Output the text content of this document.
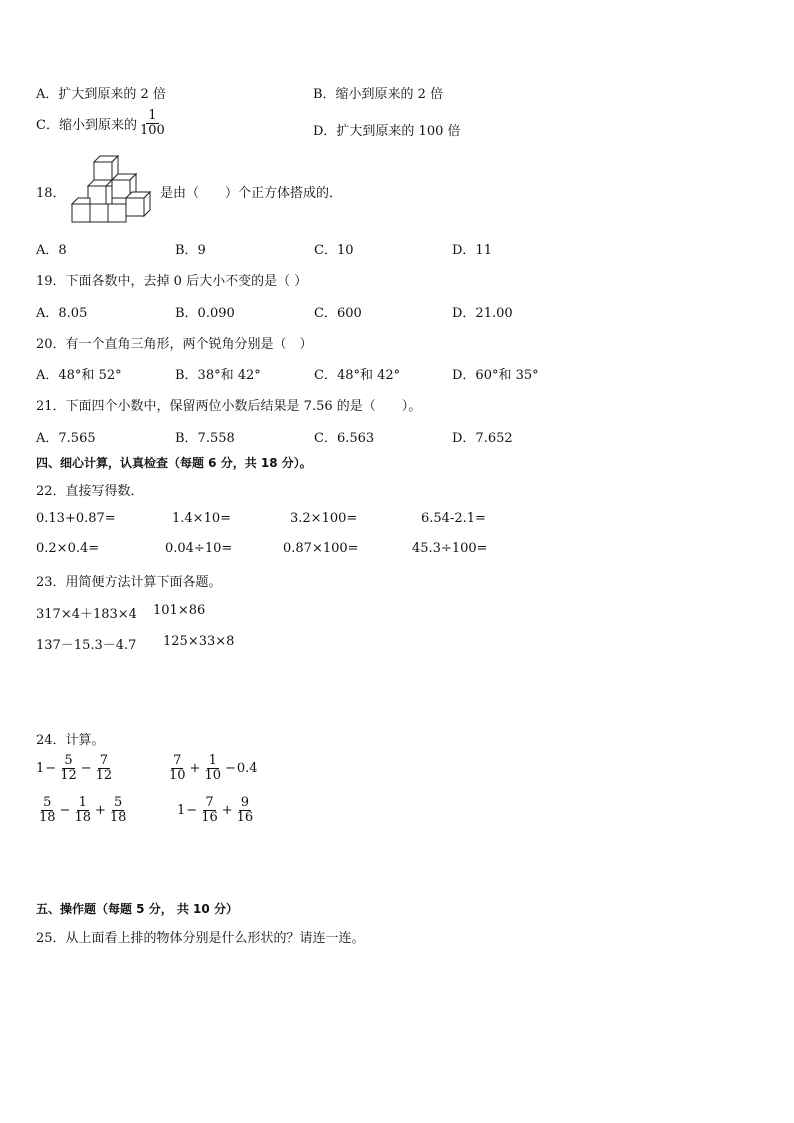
A．扩大到原来的 2 倍	B．缩小到原来的 2 倍
C．缩小到原来的 $\frac{1}{100}$	D．扩大到原来的 100 倍
18．	是由（　　）个正方体搭成的．
A．8	B．9	C．10	D．11
19．下面各数中，去掉 0 后大小不变的是（ ）
A．8.05	B．0.090	C．600	D．21.00
20．有一个直角三角形，两个锐角分别是（　）
A．48°和 52°	B．38°和 42°	C．48°和 42°	D．60°和 35°
21．下面四个小数中，保留两位小数后结果是 7.56 的是（　　）。
A．7.565	B．7.558	C．6.563	D．7.652
四、细心计算，认真检查（每题 6 分，共 18 分）。
22．直接写得数．
0.13+0.87=	1.4×10=	3.2×100=	6.54-2.1=
0.2×0.4=	0.04÷10=	0.87×100=	45.3÷100=
23．用简便方法计算下面各题。
317×4＋183×4 101×86
137－15.3－4.7 125×33×8
24．计算。
$1 - \frac{5}{12} - \frac{7}{12}$	$\frac{7}{10} + \frac{1}{10} - 0.4$
$\frac{5}{18} - \frac{1}{18} + \frac{5}{18}$	$1 - \frac{7}{16} + \frac{9}{16}$
五、操作题（每题 5 分， 共 10 分）
25．从上面看上排的物体分别是什么形状的？请连一连。
